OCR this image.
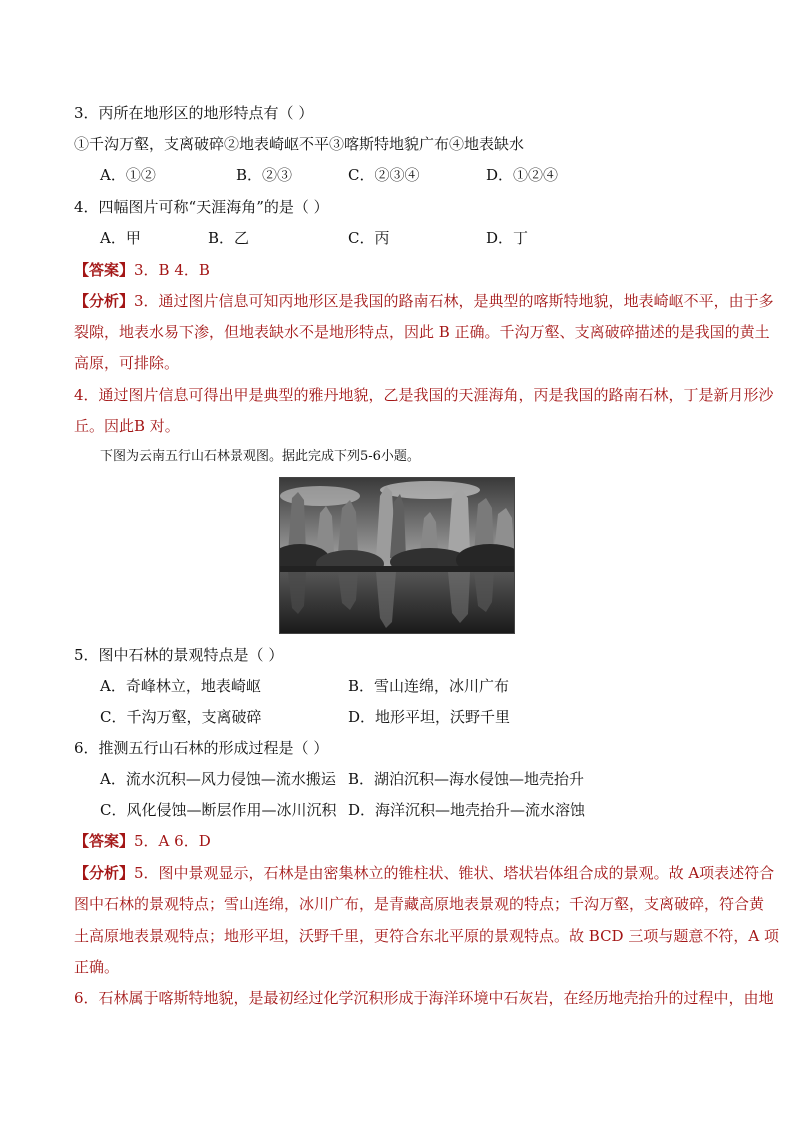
3．丙所在地形区的地形特点有（ ）
①千沟万壑，支离破碎②地表崎岖不平③喀斯特地貌广布④地表缺水
A．①②	B．②③	C．②③④	D．①②④
4．四幅图片可称“天涯海角”的是（ ）
A．甲	B．乙	C．丙	D．丁
【答案】3．B 4．B
【分析】3．通过图片信息可知丙地形区是我国的路南石林，是典型的喀斯特地貌，地表崎岖不平，由于多
裂隙，地表水易下渗，但地表缺水不是地形特点，因此 B 正确。千沟万壑、支离破碎描述的是我国的黄土
高原，可排除。
4．通过图片信息可得出甲是典型的雅丹地貌，乙是我国的天涯海角，丙是我国的路南石林，丁是新月形沙
丘。因此B 对。
下图为云南五行山石林景观图。据此完成下列5-6小题。
5．图中石林的景观特点是（ ）
A．奇峰林立，地表崎岖	B．雪山连绵，冰川广布
C．千沟万壑，支离破碎	D．地形平坦，沃野千里
6．推测五行山石林的形成过程是（ ）
A．流水沉积—风力侵蚀—流水搬运 B．湖泊沉积—海水侵蚀—地壳抬升
C．风化侵蚀—断层作用—冰川沉积 D．海洋沉积—地壳抬升—流水溶蚀
【答案】5．A 6．D
【分析】5．图中景观显示，石林是由密集林立的锥柱状、锥状、塔状岩体组合成的景观。故 A项表述符合
图中石林的景观特点；雪山连绵，冰川广布，是青藏高原地表景观的特点；千沟万壑，支离破碎，符合黄
土高原地表景观特点；地形平坦，沃野千里，更符合东北平原的景观特点。故 BCD 三项与题意不符，A 项
正确。
6．石林属于喀斯特地貌，是最初经过化学沉积形成于海洋环境中石灰岩，在经历地壳抬升的过程中，由地
